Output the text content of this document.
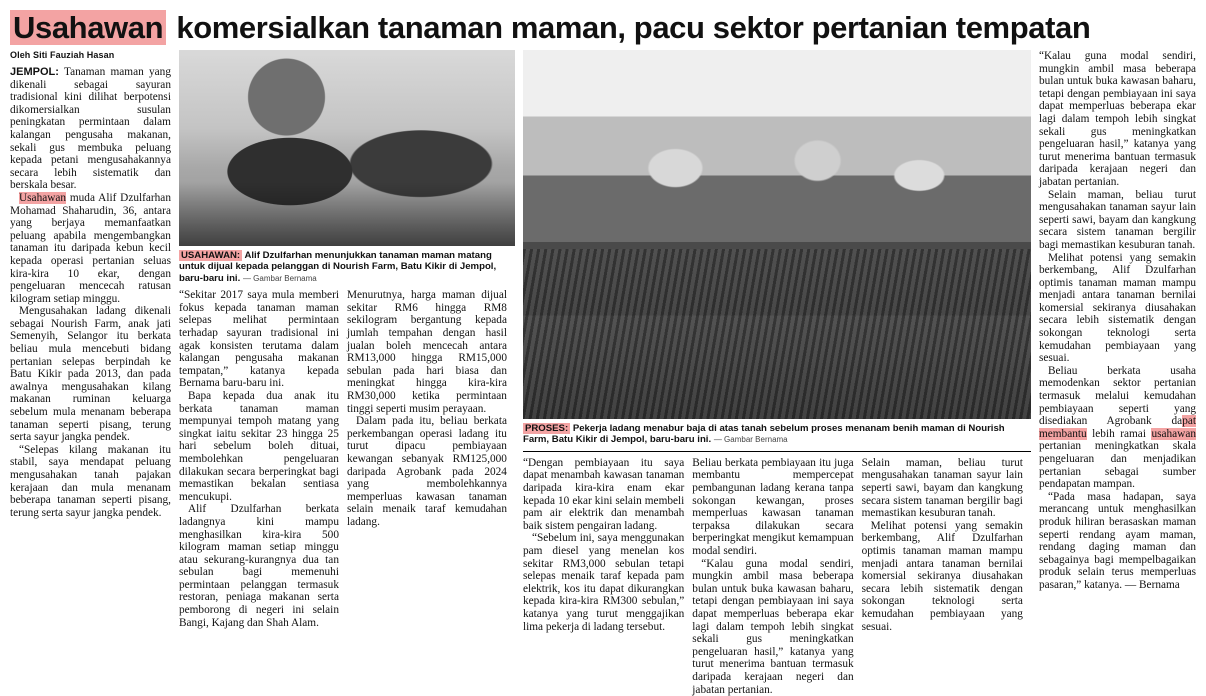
Usahawan komersialkan tanaman maman, pacu sektor pertanian tempatan
Oleh Siti Fauziah Hasan

JEMPOL: Tanaman maman yang dikenali sebagai sayuran tradisional kini dilihat berpotensi dikomersialkan susulan peningkatan permintaan dalam kalangan pengusaha makanan, sekali gus membuka peluang kepada petani mengusahakannya secara lebih sistematik dan berskala besar.

Usahawan muda Alif Dzulfarhan Mohamad Shaharudin, 36, antara yang berjaya memanfaatkan peluang apabila mengembangkan tanaman itu daripada kebun kecil kepada operasi pertanian seluas kira-kira 10 ekar, dengan pengeluaran mencecah ratusan kilogram setiap minggu.

Mengusahakan ladang dikenali sebagai Nourish Farm, anak jati Semenyih, Selangor itu berkata beliau mula mencebuti bidang pertanian selepas berpindah ke Batu Kikir pada 2013, dan pada awalnya mengusahakan kilang makanan ruminan keluarga sebelum mula menanam beberapa tanaman seperti pisang, terung serta sayur jangka pendek.

“Selepas kilang makanan itu stabil, saya mendapat peluang mengusahakan tanah pajakan kerajaan dan mula menanam beberapa tanaman seperti pisang, terung serta sayur jangka pendek.

USAHAWAN: Alif Dzulfarhan menunjukkan tanaman maman matang untuk dijual kepada pelanggan di Nourish Farm, Batu Kikir di Jempol, baru-baru ini. — Gambar Bernama

“Sekitar 2017 saya mula memberi fokus kepada tanaman maman selepas melihat permintaan terhadap sayuran tradisional ini agak konsisten terutama dalam kalangan pengusaha makanan tempatan,” katanya kepada Bernama baru-baru ini.

Bapa kepada dua anak itu berkata tanaman maman mempunyai tempoh matang yang singkat iaitu sekitar 23 hingga 25 hari sebelum boleh dituai, membolehkan pengeluaran dilakukan secara berperingkat bagi memastikan bekalan sentiasa mencukupi.

Alif Dzulfarhan berkata ladangnya kini mampu menghasilkan kira-kira 500 kilogram maman setiap minggu atau sekurang-kurangnya dua tan sebulan bagi memenuhi permintaan pelanggan termasuk restoran, peniaga makanan serta pemborong di negeri ini selain Bangi, Kajang dan Shah Alam.

Menurutnya, harga maman dijual sekitar RM6 hingga RM8 sekilogram bergantung kepada jumlah tempahan dengan hasil jualan boleh mencecah antara RM13,000 hingga RM15,000 sebulan pada hari biasa dan meningkat hingga kira-kira RM30,000 ketika permintaan tinggi seperti musim perayaan.

Dalam pada itu, beliau berkata perkembangan operasi ladang itu turut dipacu pembiayaan kewangan sebanyak RM125,000 daripada Agrobank pada 2024 yang membolehkannya memperluas kawasan tanaman selain menaik taraf kemudahan ladang.

PROSES: Pekerja ladang menabur baja di atas tanah sebelum proses menanam benih maman di Nourish Farm, Batu Kikir di Jempol, baru-baru ini. — Gambar Bernama

“Dengan pembiayaan itu saya dapat menambah kawasan tanaman daripada kira-kira enam ekar kepada 10 ekar kini selain membeli pam air elektrik dan menambah baik sistem pengairan ladang.

“Sebelum ini, saya menggunakan pam diesel yang menelan kos sekitar RM3,000 sebulan tetapi selepas menaik taraf kepada pam elektrik, kos itu dapat dikurangkan kepada kira-kira RM300 sebulan,” katanya yang turut menggajikan lima pekerja di ladang tersebut.

Beliau berkata pembiayaan itu juga membantu mempercepat pembangunan ladang kerana tanpa sokongan kewangan, proses memperluas kawasan tanaman terpaksa dilakukan secara berperingkat mengikut kemampuan modal sendiri.

“Kalau guna modal sendiri, mungkin ambil masa beberapa bulan untuk buka kawasan baharu, tetapi dengan pembiayaan ini saya dapat memperluas beberapa ekar lagi dalam tempoh lebih singkat sekali gus meningkatkan pengeluaran hasil,” katanya yang turut menerima bantuan termasuk daripada kerajaan negeri dan jabatan pertanian.

Selain maman, beliau turut mengusahakan tanaman sayur lain seperti sawi, bayam dan kangkung secara sistem tanaman bergilir bagi memastikan kesuburan tanah.

Melihat potensi yang semakin berkembang, Alif Dzulfarhan optimis tanaman maman mampu menjadi antara tanaman bernilai komersial sekiranya diusahakan secara lebih sistematik dengan sokongan teknologi serta kemudahan pembiayaan yang sesuai.

“Kalau guna modal sendiri, mungkin ambil masa beberapa bulan untuk buka kawasan baharu, tetapi dengan pembiayaan ini saya dapat memperluas beberapa ekar lagi dalam tempoh lebih singkat sekali gus meningkatkan pengeluaran hasil,” katanya yang turut menerima bantuan termasuk daripada kerajaan negeri dan jabatan pertanian.

Selain maman, beliau turut mengusahakan tanaman sayur lain seperti sawi, bayam dan kangkung secara sistem tanaman bergilir bagi memastikan kesuburan tanah.

Melihat potensi yang semakin berkembang, Alif Dzulfarhan optimis tanaman maman mampu menjadi antara tanaman bernilai komersial sekiranya diusahakan secara lebih sistematik dengan sokongan teknologi serta kemudahan pembiayaan yang sesuai.

Beliau berkata usaha memodenkan sektor pertanian termasuk melalui kemudahan pembiayaan seperti yang disediakan Agrobank dapat membantu lebih ramai usahawan pertanian meningkatkan skala pengeluaran dan menjadikan pertanian sebagai sumber pendapatan mampan.

“Pada masa hadapan, saya merancang untuk menghasilkan produk hiliran berasaskan maman seperti rendang ayam maman, rendang daging maman dan sebagainya bagi mempelbagaikan produk selain terus memperluas pasaran,” katanya. — Bernama
